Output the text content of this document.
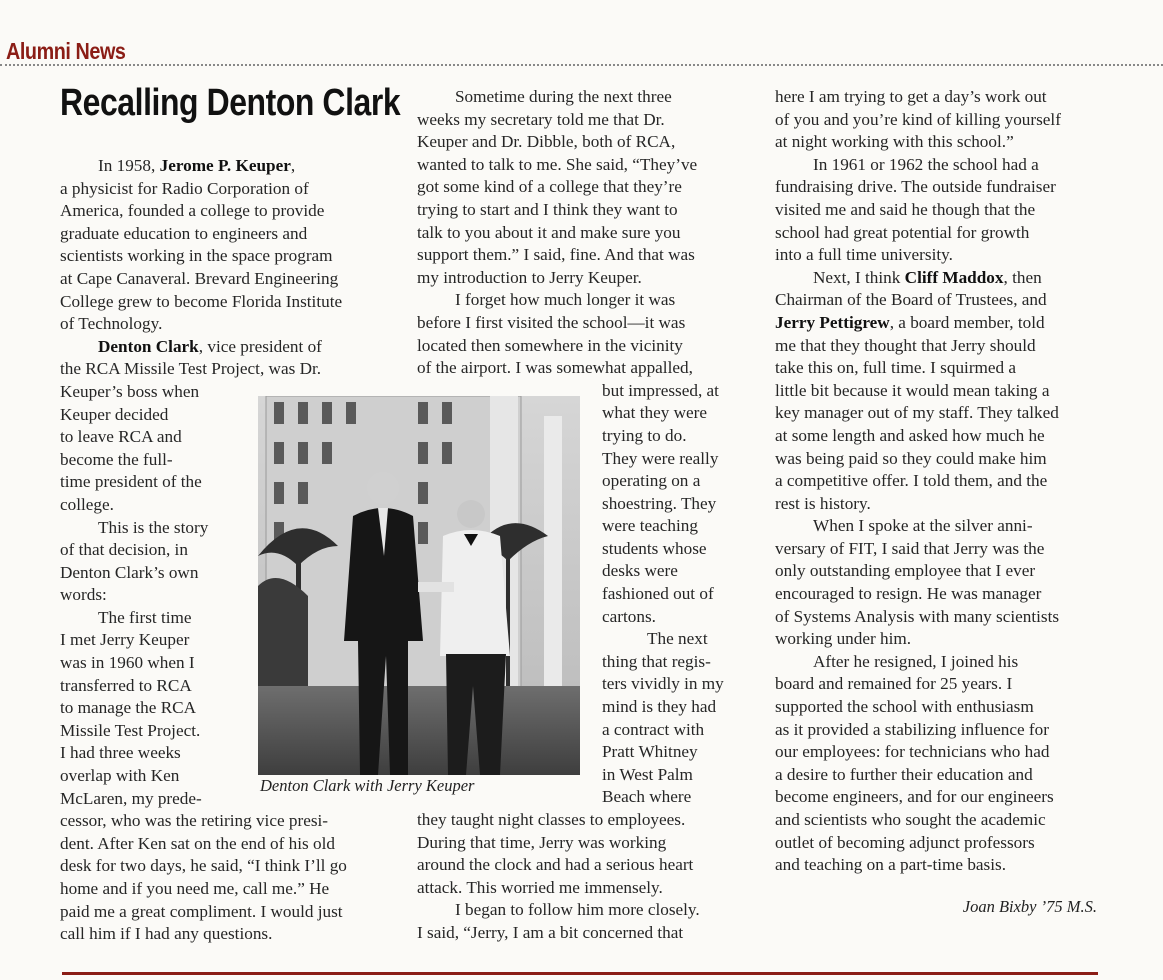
Alumni News
Recalling Denton Clark
In 1958, Jerome P. Keuper,
a physicist for Radio Corporation of
America, founded a college to provide
graduate education to engineers and
scientists working in the space program
at Cape Canaveral. Brevard Engineering
College grew to become Florida Institute
of Technology.
Denton Clark, vice president of
the RCA Missile Test Project, was Dr.
Keuper’s boss when
Keuper decided
to leave RCA and
become the full-
time president of the
college.
This is the story
of that decision, in
Denton Clark’s own
words:
The first time
I met Jerry Keuper
was in 1960 when I
transferred to RCA
to manage the RCA
Missile Test Project.
I had three weeks
overlap with Ken
McLaren, my prede-
cessor, who was the retiring vice presi-
dent. After Ken sat on the end of his old
desk for two days, he said, “I think I’ll go
home and if you need me, call me.” He
paid me a great compliment. I would just
call him if I had any questions.
Sometime during the next three
weeks my secretary told me that Dr.
Keuper and Dr. Dibble, both of RCA,
wanted to talk to me. She said, “They’ve
got some kind of a college that they’re
trying to start and I think they want to
talk to you about it and make sure you
support them.” I said, fine. And that was
my introduction to Jerry Keuper.
I forget how much longer it was
before I first visited the school—it was
located then somewhere in the vicinity
of the airport. I was somewhat appalled,
but impressed, at
what they were
trying to do.
They were really
operating on a
shoestring. They
were teaching
students whose
desks were
fashioned out of
cartons.
The next
thing that regis-
ters vividly in my
mind is they had
a contract with
Pratt Whitney
in West Palm
Beach where
they taught night classes to employees.
During that time, Jerry was working
around the clock and had a serious heart
attack. This worried me immensely.
I began to follow him more closely.
I said, “Jerry, I am a bit concerned that
here I am trying to get a day’s work out
of you and you’re kind of killing yourself
at night working with this school.”
In 1961 or 1962 the school had a
fundraising drive. The outside fundraiser
visited me and said he though that the
school had great potential for growth
into a full time university.
Next, I think Cliff Maddox, then
Chairman of the Board of Trustees, and
Jerry Pettigrew, a board member, told
me that they thought that Jerry should
take this on, full time. I squirmed a
little bit because it would mean taking a
key manager out of my staff. They talked
at some length and asked how much he
was being paid so they could make him
a competitive offer. I told them, and the
rest is history.
When I spoke at the silver anni-
versary of FIT, I said that Jerry was the
only outstanding employee that I ever
encouraged to resign. He was manager
of Systems Analysis with many scientists
working under him.
After he resigned, I joined his
board and remained for 25 years. I
supported the school with enthusiasm
as it provided a stabilizing influence for
our employees: for technicians who had
a desire to further their education and
become engineers, and for our engineers
and scientists who sought the academic
outlet of becoming adjunct professors
and teaching on a part-time basis.
Denton Clark with Jerry Keuper
Joan Bixby ’75 M.S.
